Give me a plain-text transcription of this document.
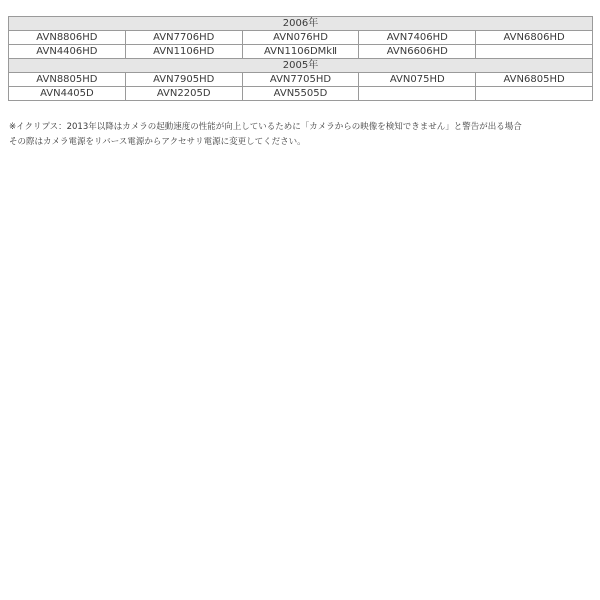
2006年				
AVN8806HD	AVN7706HD	AVN076HD	AVN7406HD	AVN6806HD
AVN4406HD	AVN1106HD	AVN1106DMkⅡ	AVN6606HD	
2005年				
AVN8805HD	AVN7905HD	AVN7705HD	AVN075HD	AVN6805HD
AVN4405D	AVN2205D	AVN5505D		
※イクリプス：2013年以降はカメラの起動速度の性能が向上しているために「カメラからの映像を検知できません」と警告が出る場合
その際はカメラ電源をリバース電源からアクセサリ電源に変更してください。
